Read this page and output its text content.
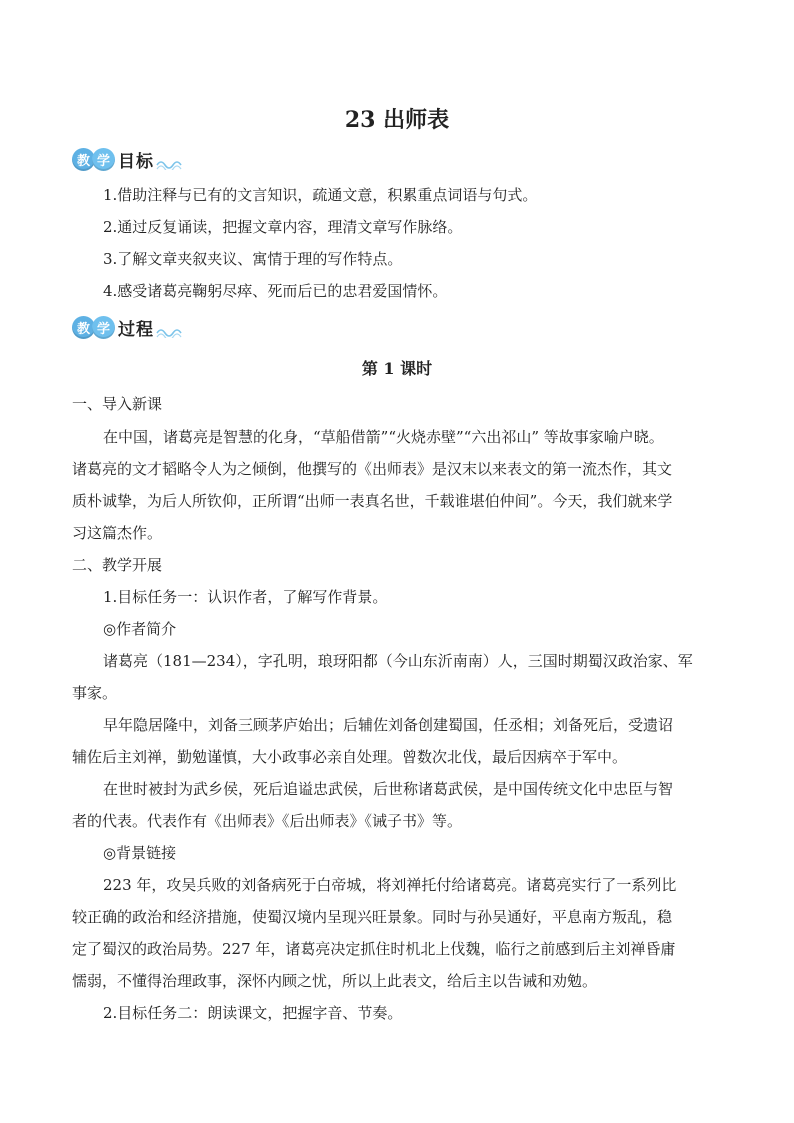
23 出师表
教 学 目标
1.借助注释与已有的文言知识，疏通文意，积累重点词语与句式。
2.通过反复诵读，把握文章内容，理清文章写作脉络。
3.了解文章夹叙夹议、寓情于理的写作特点。
4.感受诸葛亮鞠躬尽瘁、死而后已的忠君爱国情怀。
教 学 过程
第 1 课时
一、导入新课
在中国，诸葛亮是智慧的化身，“草船借箭”“火烧赤壁”“六出祁山” 等故事家喻户晓。
诸葛亮的文才韬略令人为之倾倒，他撰写的《出师表》是汉末以来表文的第一流杰作，其文
质朴诚挚，为后人所钦仰，正所谓“出师一表真名世，千载谁堪伯仲间”。今天，我们就来学
习这篇杰作。
二、教学开展
1.目标任务一：认识作者，了解写作背景。
◎作者简介
诸葛亮（181—234），字孔明，琅玡阳都（今山东沂南南）人，三国时期蜀汉政治家、军
事家。
早年隐居隆中，刘备三顾茅庐始出；后辅佐刘备创建蜀国，任丞相；刘备死后，受遗诏
辅佐后主刘禅，勤勉谨慎，大小政事必亲自处理。曾数次北伐，最后因病卒于军中。
在世时被封为武乡侯，死后追谥忠武侯，后世称诸葛武侯，是中国传统文化中忠臣与智
者的代表。代表作有《出师表》《后出师表》《诫子书》等。
◎背景链接
223 年，攻吴兵败的刘备病死于白帝城，将刘禅托付给诸葛亮。诸葛亮实行了一系列比
较正确的政治和经济措施，使蜀汉境内呈现兴旺景象。同时与孙吴通好，平息南方叛乱，稳
定了蜀汉的政治局势。227 年，诸葛亮决定抓住时机北上伐魏，临行之前感到后主刘禅昏庸
懦弱，不懂得治理政事，深怀内顾之忧，所以上此表文，给后主以告诫和劝勉。
2.目标任务二：朗读课文，把握字音、节奏。
